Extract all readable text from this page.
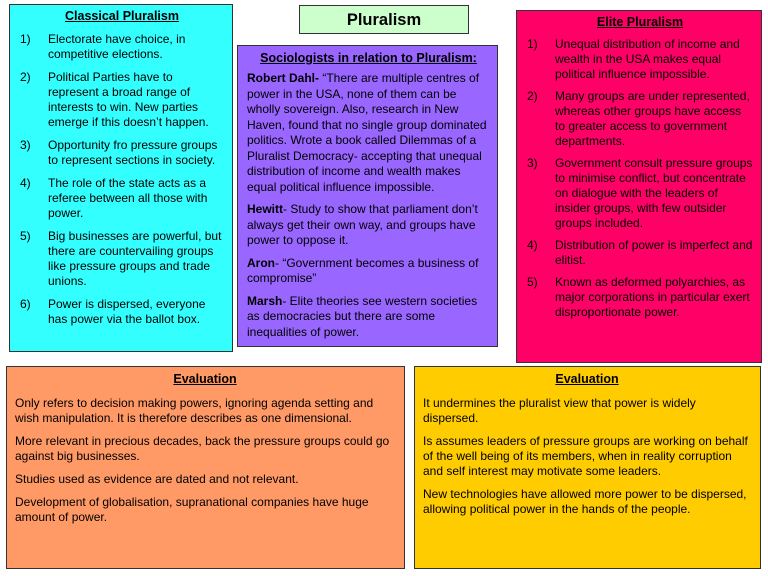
Pluralism
Classical Pluralism
1)	Electorate have choice, in competitive elections.
2)	Political Parties have to represent a broad range of interests to win. New parties emerge if this doesn’t happen.
3)	Opportunity fro pressure groups to represent sections in society.
4)	The role of the state acts as a referee between all those with power.
5)	Big businesses are powerful, but there are countervailing groups like pressure groups and trade unions.
6)	Power is dispersed, everyone has power via the ballot box.
Sociologists in relation to Pluralism:

Robert Dahl- “There are multiple centres of power in the USA, none of them can be wholly sovereign. Also, research in New Haven, found that no single group dominated politics. Wrote a book called Dilemmas of a Pluralist Democracy- accepting that unequal distribution of income and wealth makes equal political influence impossible.

Hewitt- Study to show that parliament don’t always get their own way, and groups have power to oppose it.

Aron- “Government becomes a business of compromise”

Marsh- Elite theories see western societies as democracies but there are some inequalities of power.

Elite Pluralism
1)	Unequal distribution of income and wealth in the USA makes equal political influence impossible.
2)	Many groups are under represented, whereas other groups have access to greater access to government departments.
3)	Government consult pressure groups to minimise conflict, but concentrate on dialogue with the leaders of insider groups, with few outsider groups included.
4)	Distribution of power is imperfect and elitist.
5)	Known as deformed polyarchies, as major corporations in particular exert disproportionate power.
Evaluation

Only refers to decision making powers, ignoring agenda setting and wish manipulation. It is therefore describes as one dimensional.

More relevant in precious decades, back the pressure groups could go against big businesses.

Studies used as evidence are dated and not relevant.

Development of globalisation, supranational companies have huge amount of power.

Evaluation

It undermines the pluralist view that power is widely dispersed.

Is assumes leaders of pressure groups are working on behalf of the well being of its members, when in reality corruption and self interest may motivate some leaders.

New technologies have allowed more power to be dispersed, allowing political power in the hands of the people.
